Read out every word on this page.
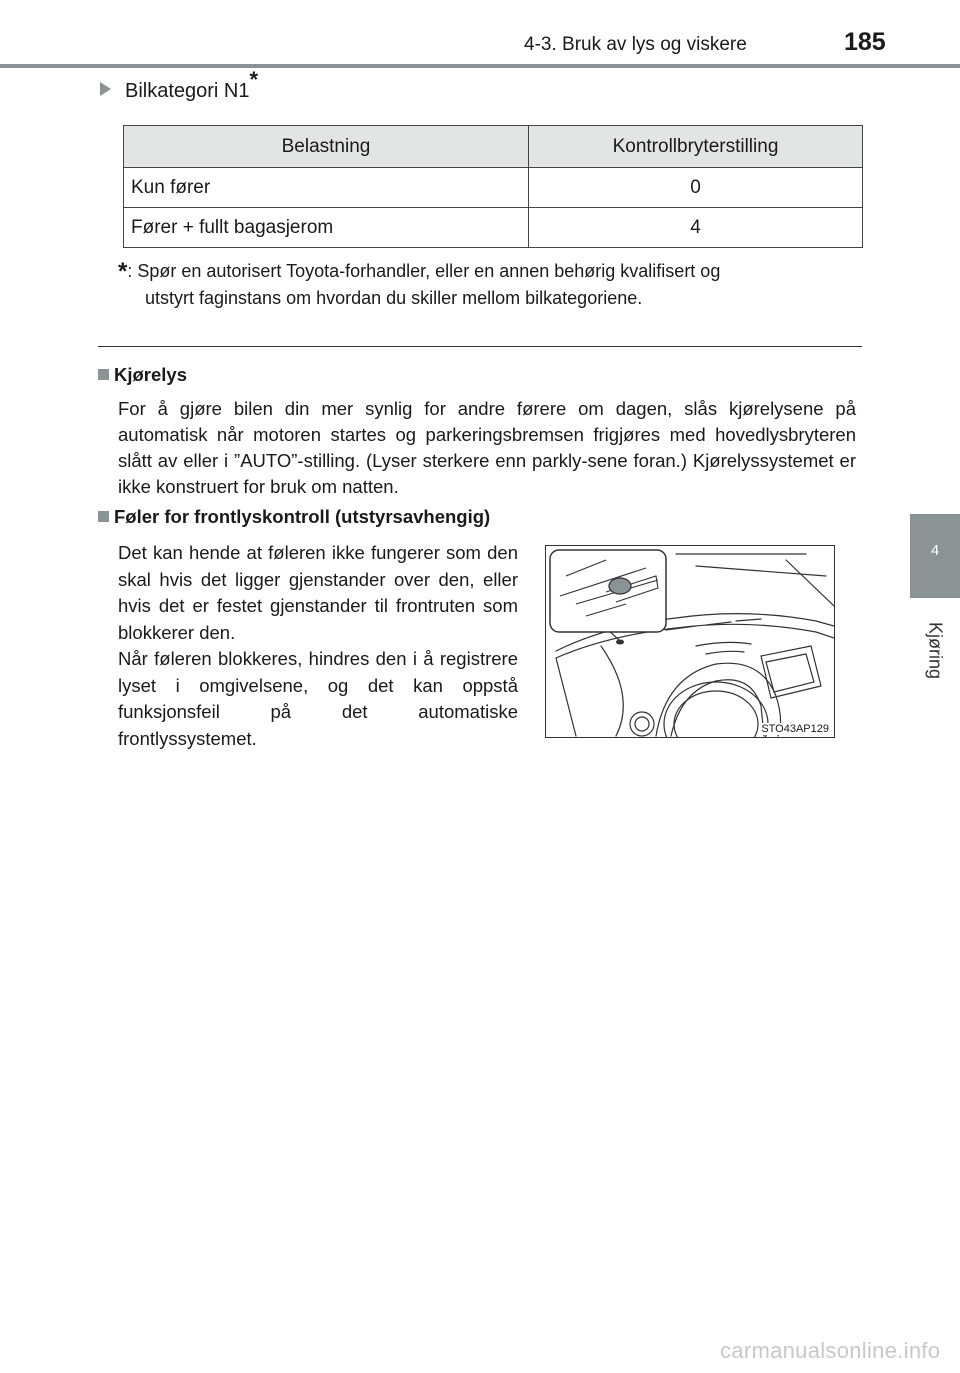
4-3. Bruk av lys og viskere	185
4
Kjøring
Bilkategori N1*
Belastning	Kontrollbryterstilling
Kun fører	0
Fører + fullt bagasjerom	4
*: Spør en autorisert Toyota-forhandler, eller en annen behørig kvalifisert og
utstyrt faginstans om hvordan du skiller mellom bilkategoriene.
Kjørelys
For å gjøre bilen din mer synlig for andre førere om dagen, slås kjørelysene på automatisk når motoren startes og parkeringsbremsen frigjøres med hovedlysbryteren slått av eller i ”AUTO”-stilling. (Lyser sterkere enn parkly-sene foran.) Kjørelyssystemet er ikke konstruert for bruk om natten.
Føler for frontlyskontroll (utstyrsavhengig)
Det kan hende at føleren ikke fungerer som den skal hvis det ligger gjenstander over den, eller hvis det er festet gjenstander til frontruten som blokkerer den.
Når føleren blokkeres, hindres den i å registrere lyset i omgivelsene, og det kan oppstå funksjonsfeil på det automatiske frontlyssystemet.	STO43AP129
carmanualsonline.info
